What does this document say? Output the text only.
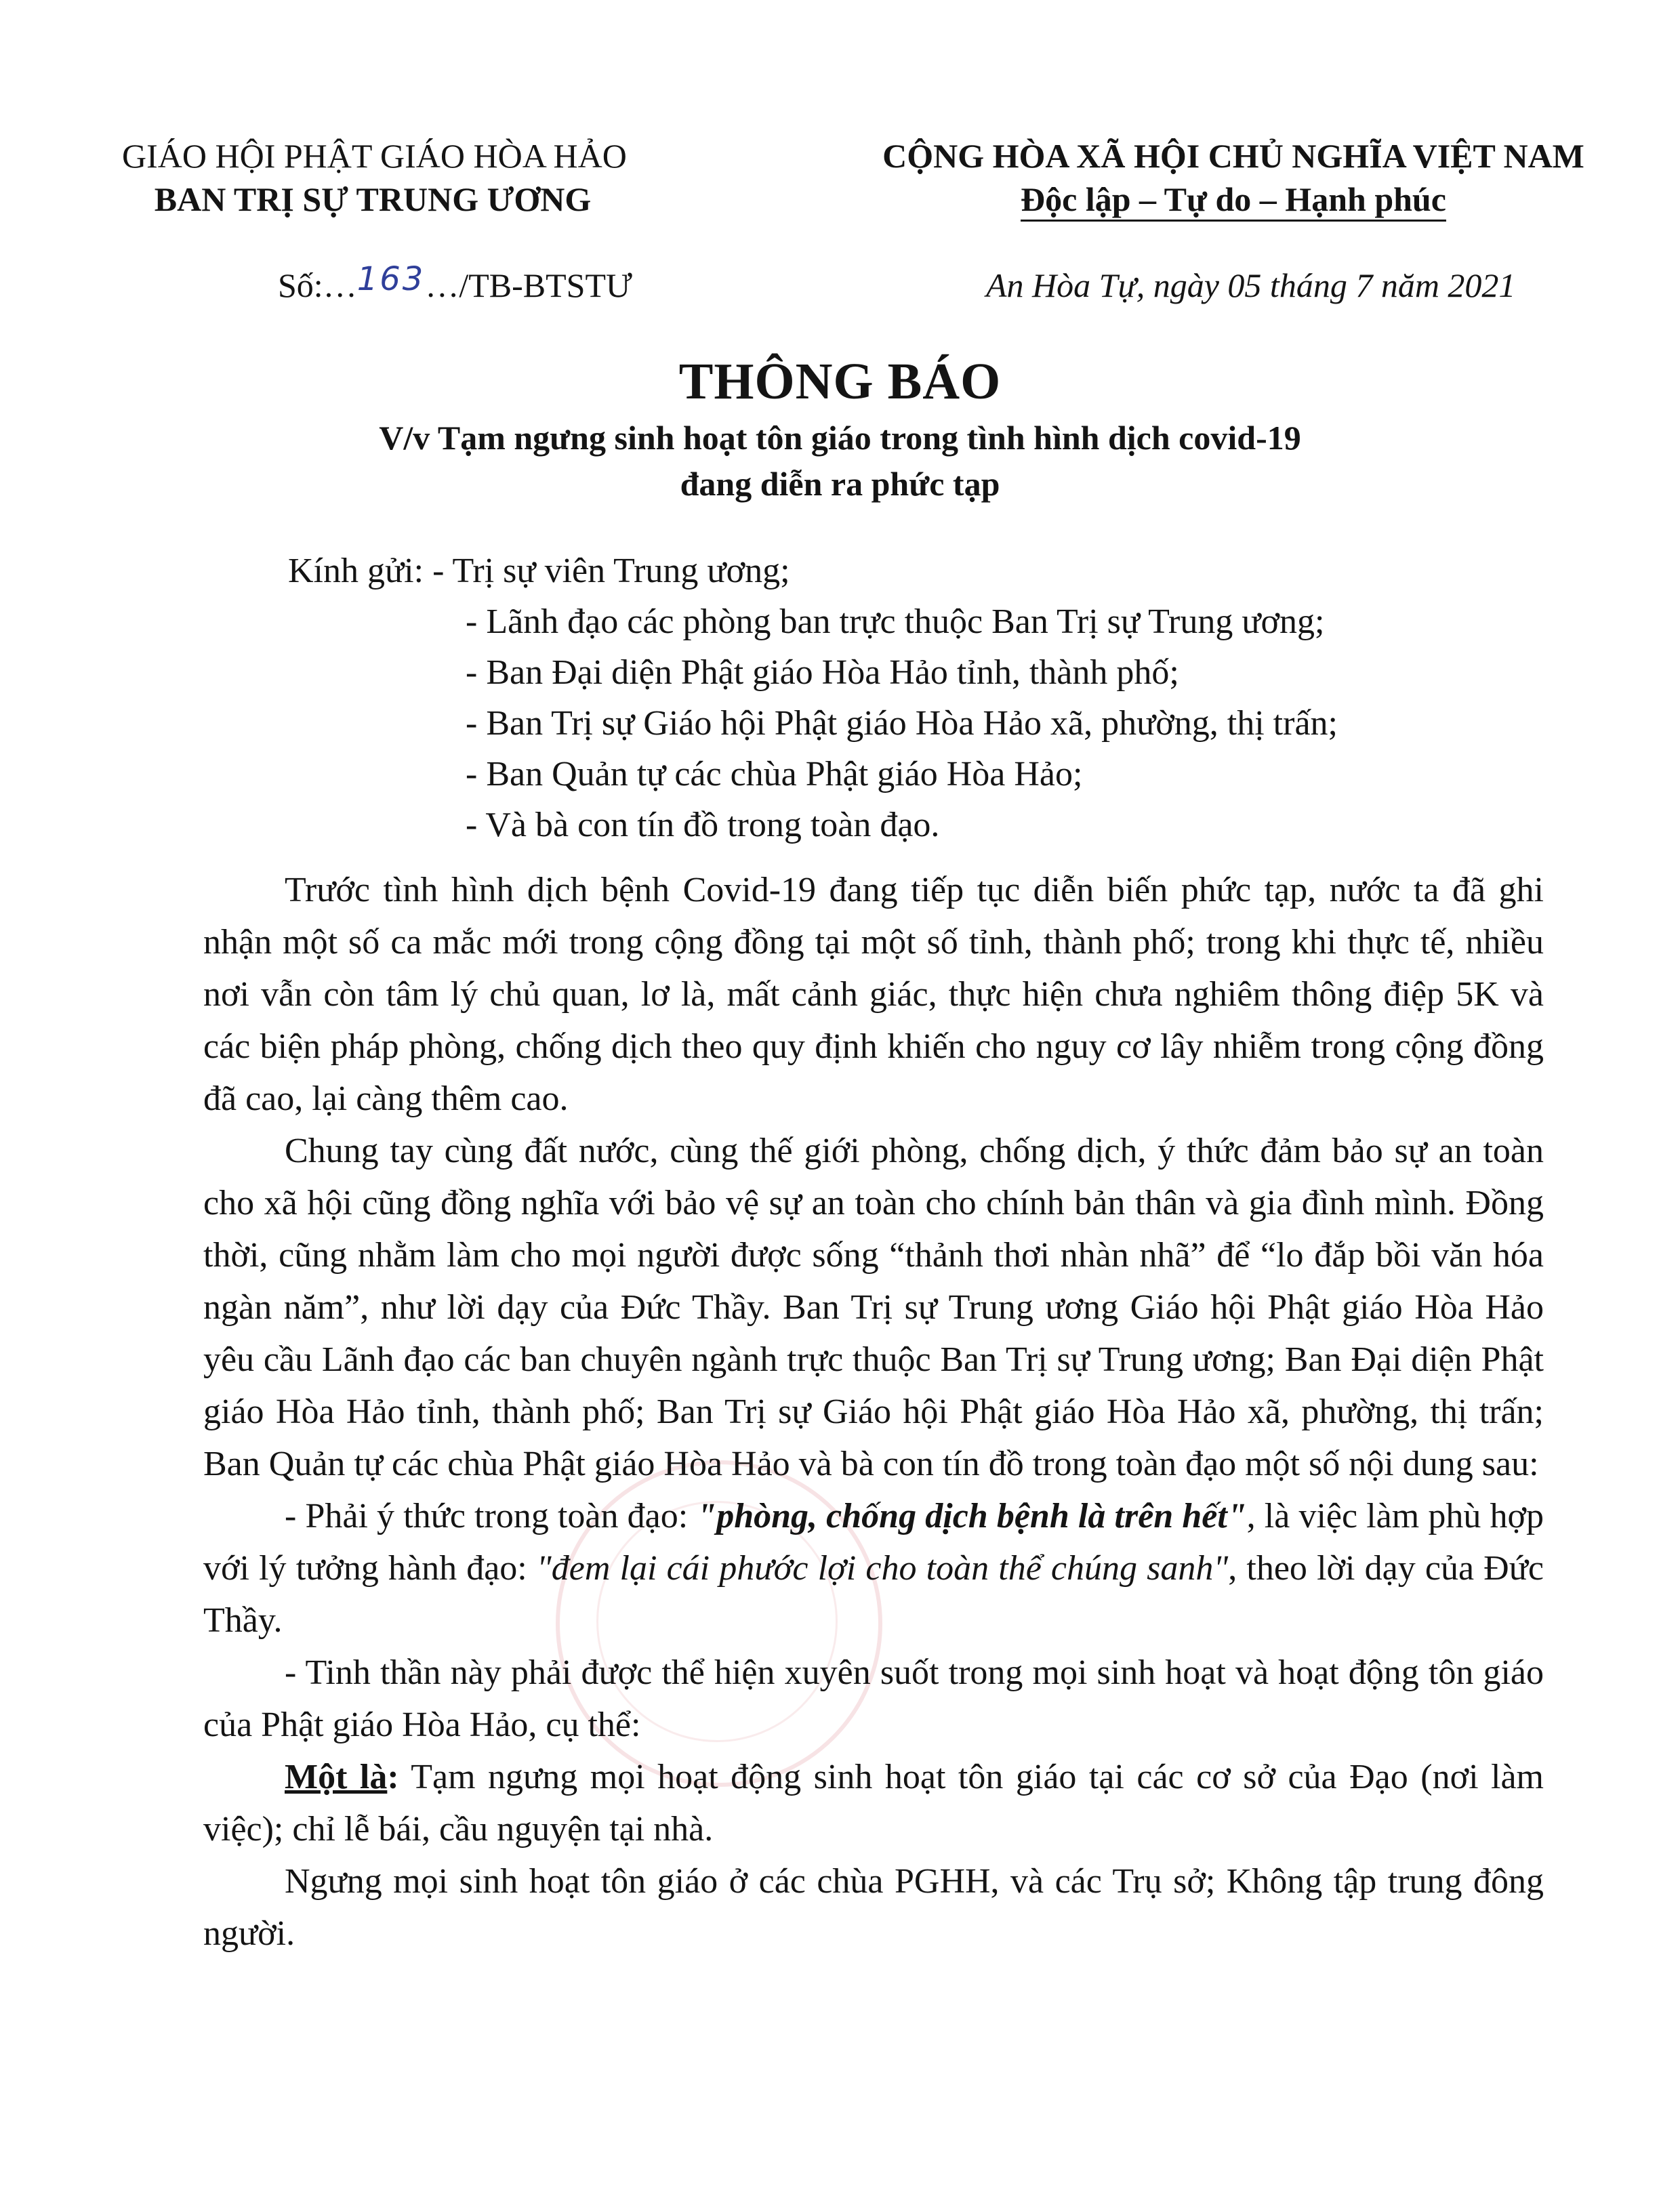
GIÁO HỘI PHẬT GIÁO HÒA HẢO
BAN TRỊ SỰ TRUNG ƯƠNG
CỘNG HÒA XÃ HỘI CHỦ NGHĨA VIỆT NAM
Độc lập – Tự do – Hạnh phúc
Số:…163…/TB-BTSTƯ	An Hòa Tự, ngày 05 tháng 7 năm 2021
THÔNG BÁO
V/v Tạm ngưng sinh hoạt tôn giáo trong tình hình dịch covid-19
đang diễn ra phức tạp
Kính gửi: - Trị sự viên Trung ương;
- Lãnh đạo các phòng ban trực thuộc Ban Trị sự Trung ương;
- Ban Đại diện Phật giáo Hòa Hảo tỉnh, thành phố;
- Ban Trị sự Giáo hội Phật giáo Hòa Hảo xã, phường, thị trấn;
- Ban Quản tự các chùa Phật giáo Hòa Hảo;
- Và bà con tín đồ trong toàn đạo.

Trước tình hình dịch bệnh Covid-19 đang tiếp tục diễn biến phức tạp, nước ta đã ghi nhận một số ca mắc mới trong cộng đồng tại một số tỉnh, thành phố; trong khi thực tế, nhiều nơi vẫn còn tâm lý chủ quan, lơ là, mất cảnh giác, thực hiện chưa nghiêm thông điệp 5K và các biện pháp phòng, chống dịch theo quy định khiến cho nguy cơ lây nhiễm trong cộng đồng đã cao, lại càng thêm cao.

Chung tay cùng đất nước, cùng thế giới phòng, chống dịch, ý thức đảm bảo sự an toàn cho xã hội cũng đồng nghĩa với bảo vệ sự an toàn cho chính bản thân và gia đình mình. Đồng thời, cũng nhằm làm cho mọi người được sống “thảnh thơi nhàn nhã” để “lo đắp bồi văn hóa ngàn năm”, như lời dạy của Đức Thầy. Ban Trị sự Trung ương Giáo hội Phật giáo Hòa Hảo yêu cầu Lãnh đạo các ban chuyên ngành trực thuộc Ban Trị sự Trung ương; Ban Đại diện Phật giáo Hòa Hảo tỉnh, thành phố; Ban Trị sự Giáo hội Phật giáo Hòa Hảo xã, phường, thị trấn; Ban Quản tự các chùa Phật giáo Hòa Hảo và bà con tín đồ trong toàn đạo một số nội dung sau:

- Phải ý thức trong toàn đạo: "phòng, chống dịch bệnh là trên hết", là việc làm phù hợp với lý tưởng hành đạo: "đem lại cái phước lợi cho toàn thể chúng sanh", theo lời dạy của Đức Thầy.

- Tinh thần này phải được thể hiện xuyên suốt trong mọi sinh hoạt và hoạt động tôn giáo của Phật giáo Hòa Hảo, cụ thể:

Một là: Tạm ngưng mọi hoạt động sinh hoạt tôn giáo tại các cơ sở của Đạo (nơi làm việc); chỉ lễ bái, cầu nguyện tại nhà.

Ngưng mọi sinh hoạt tôn giáo ở các chùa PGHH, và các Trụ sở; Không tập trung đông người.
